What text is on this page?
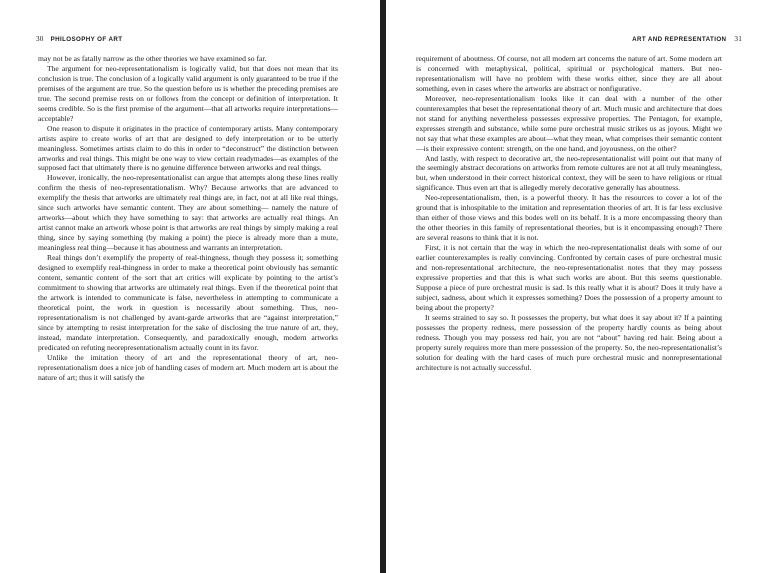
30 PHILOSOPHY OF ART

may not be as fatally narrow as the other theories we have examined so far.

The argument for neo-representationalism is logically valid, but that does not mean that its conclusion is true. The conclusion of a logically valid argument is only guaranteed to be true if the premises of the argument are true. So the question before us is whether the preceding premises are true. The second premise rests on or follows from the concept or definition of interpretation. It seems credible. So is the first premise of the argument—that all artworks require interpretations—acceptable?

One reason to dispute it originates in the practice of contemporary artists. Many contemporary artists aspire to create works of art that are designed to defy interpretation or to be utterly meaningless. Sometimes artists claim to do this in order to “deconstruct” the distinction between artworks and real things. This might be one way to view certain readymades—as examples of the supposed fact that ultimately there is no genuine difference between artworks and real things.

However, ironically, the neo-representationalist can argue that attempts along these lines really confirm the thesis of neo-representationalism. Why? Because artworks that are advanced to exemplify the thesis that artworks are ultimately real things are, in fact, not at all like real things, since such artworks have semantic content. They are about something— namely the nature of artworks—about which they have something to say: that artworks are actually real things. An artist cannot make an artwork whose point is that artworks are real things by simply making a real thing, since by saying something (by making a point) the piece is already more than a mute, meaningless real thing—because it has aboutness and warrants an interpretation.

Real things don’t exemplify the property of real-thingness, though they possess it; something designed to exemplify real-thingness in order to make a theoretical point obviously has semantic content, semantic content of the sort that art critics will explicate by pointing to the artist’s commitment to showing that artworks are ultimately real things. Even if the theoretical point that the artwork is intended to communicate is false, nevertheless in attempting to communicate a theoretical point, the work in question is necessarily about something. Thus, neo-representationalism is not challenged by avant-garde artworks that are “against interpretation,” since by attempting to resist interpretation for the sake of disclosing the true nature of art, they, instead, mandate interpretation. Consequently, and paradoxically enough, modern artworks predicated on refuting neorepresentationalism actually count in its favor.

Unlike the imitation theory of art and the representational theory of art, neo-representationalism does a nice job of handling cases of modern art. Much modern art is about the nature of art; thus it will satisfy the

ART AND REPRESENTATION 31

requirement of aboutness. Of course, not all modern art concerns the nature of art. Some modern art is concerned with metaphysical, political, spiritual or psychological matters. But neo-representationalism will have no problem with these works either, since they are all about something, even in cases where the artworks are abstract or nonfigurative.

Moreover, neo-representationalism looks like it can deal with a number of the other counterexamples that beset the representational theory of art. Much music and architecture that does not stand for anything nevertheless possesses expressive properties. The Pentagon, for example, expresses strength and substance, while some pure orchestral music strikes us as joyous. Might we not say that what these examples are about—what they mean, what comprises their semantic content—is their expressive content: strength, on the one hand, and joyousness, on the other?

And lastly, with respect to decorative art, the neo-representationalist will point out that many of the seemingly abstract decorations on artworks from remote cultures are not at all truly meaningless, but, when understood in their correct historical context, they will be seen to have religious or ritual significance. Thus even art that is allegedly merely decorative generally has aboutness.

Neo-representationalism, then, is a powerful theory. It has the resources to cover a lot of the ground that is inhospitable to the imitation and representation theories of art. It is far less exclusive than either of those views and this bodes well on its behalf. It is a more encompassing theory than the other theories in this family of representational theories, but is it encompassing enough? There are several reasons to think that it is not.

First, it is not certain that the way in which the neo-representationalist deals with some of our earlier counterexamples is really convincing. Confronted by certain cases of pure orchestral music and non-representational architecture, the neo-representationalist notes that they may possess expressive properties and that this is what such works are about. But this seems questionable. Suppose a piece of pure orchestral music is sad. Is this really what it is about? Does it truly have a subject, sadness, about which it expresses something? Does the possession of a property amount to being about the property?

It seems strained to say so. It possesses the property, but what does it say about it? If a painting possesses the property redness, mere possession of the property hardly counts as being about redness. Though you may possess red hair, you are not “about” having red hair. Being about a property surely requires more than mere possession of the property. So, the neo-representationalist’s solution for dealing with the hard cases of much pure orchestral music and nonrepresentational architecture is not actually successful.
